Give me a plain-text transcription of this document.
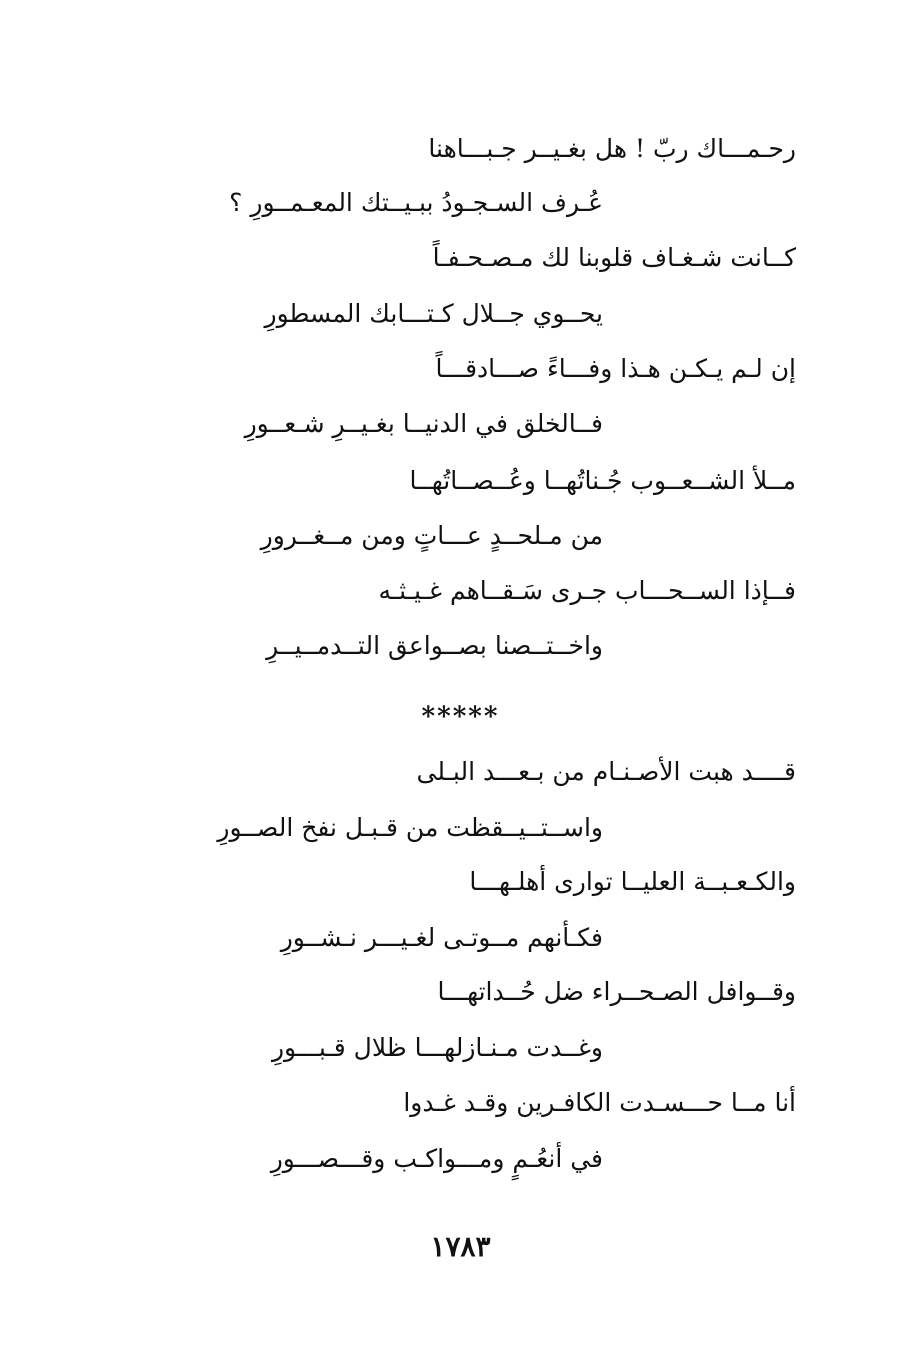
رحـمـــاك ربّ ! هل بغـيــر جـبـــاهنا
عُـرف السـجـودُ ببـيــتك المعـمــورِ ؟
كــانت شـغـاف قلوبنا لك مـصـحـفـاً
يحــوي جــلال كـتـــابك المسطورِ
إن لـم يـكـن هـذا وفـــاءً صـــادقـــاً
فــالخلق في الدنيــا بغـيــرِ شـعــورِ
مــلأ الشــعــوب جُـناتُهــا وعُــصــاتُهــا
من مـلحــدٍ عـــاتٍ ومن مــغــرورِ
فــإذا الســحـــاب جـرى سَـقــاهم غـيـثـه
واخــتــصنا بصــواعق التــدمــيــرِ
*****
قــــد هبت الأصـنـام من بـعـــد البـلى
واســتــيــقظت من قـبـل نفخ الصــورِ
والكـعـبــة العليــا توارى أهلـهـــا
فكـأنهم مــوتـى لغـيـــر نـشــورِ
وقــوافل الصـحــراء ضل حُــداتهـــا
وغــدت مـنـازلهـــا ظلال قـبـــورِ
أنا مــا حـــسـدت الكافـرين وقـد غـدوا
في أنعُـمٍ ومـــواكـب وقـــصـــورِ
١٧٨٣
